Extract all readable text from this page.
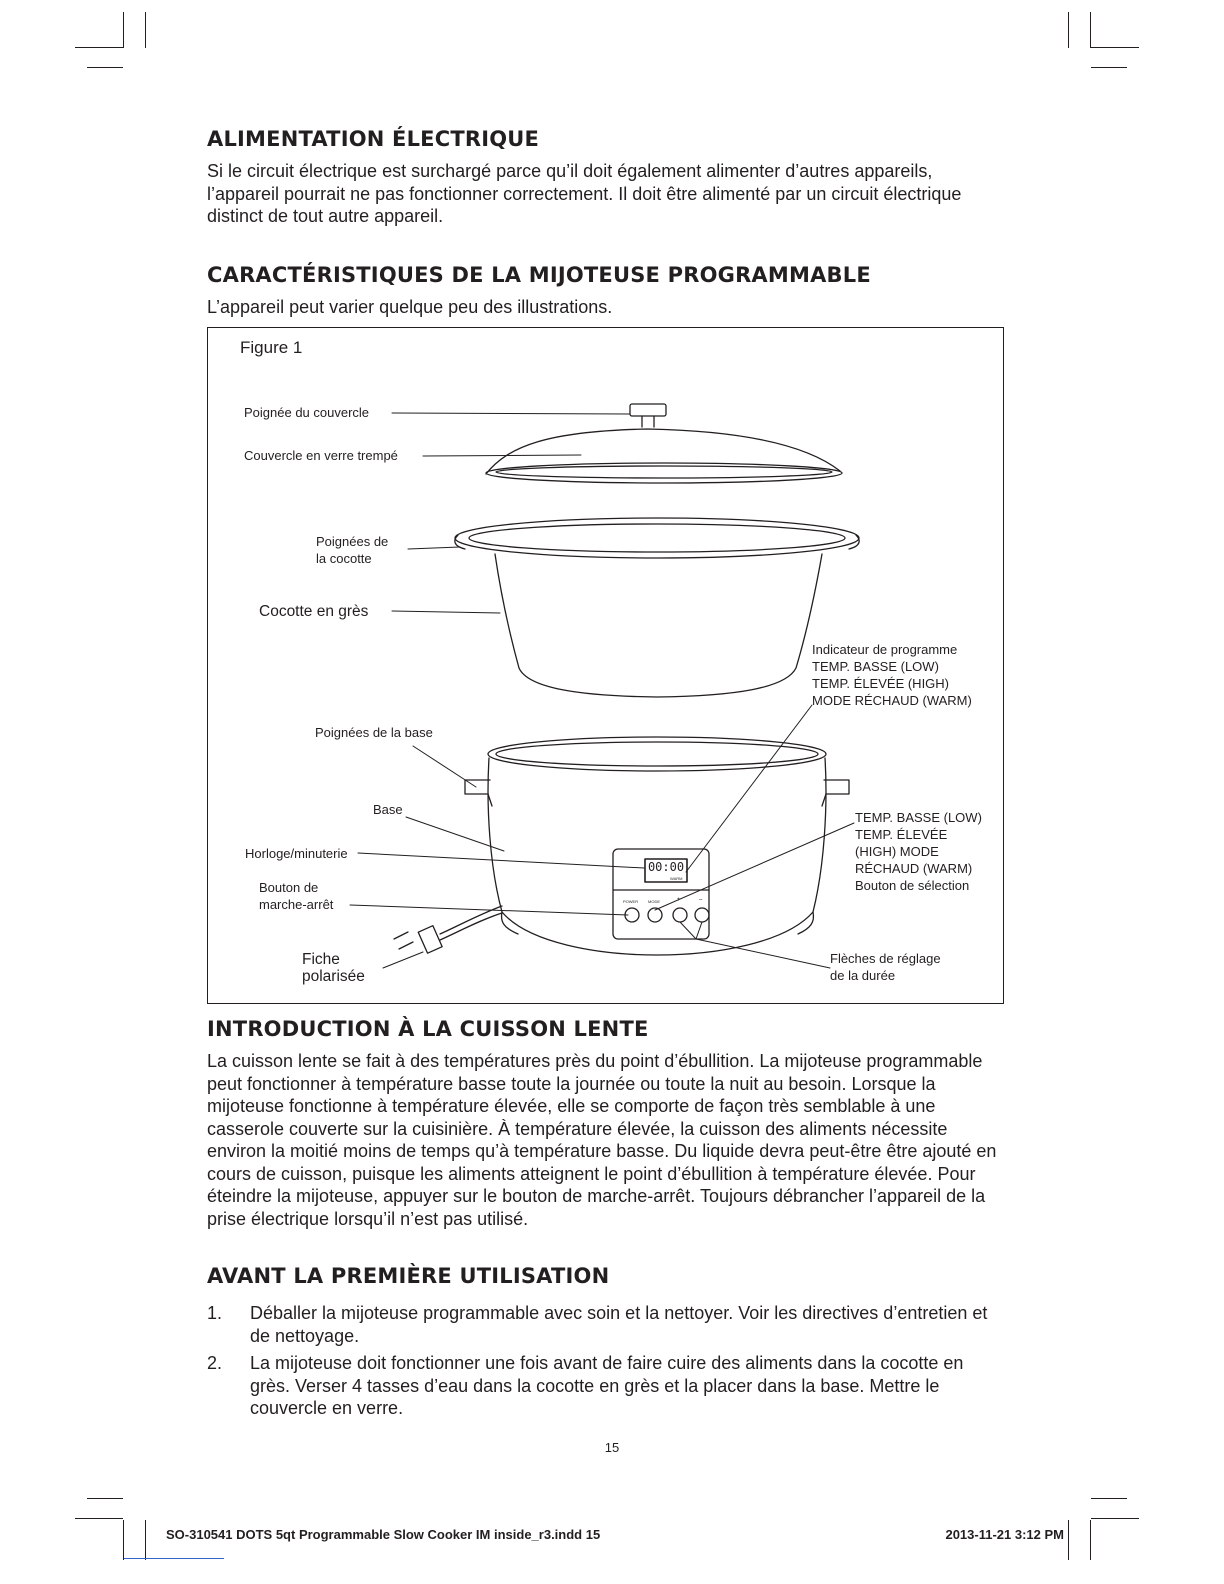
ALIMENTATION ÉLECTRIQUE

Si le circuit électrique est surchargé parce qu’il doit également alimenter d’autres appareils, l’appareil pourrait ne pas fonctionner correctement. Il doit être alimenté par un circuit électrique distinct de tout autre appareil.

CARACTÉRISTIQUES DE LA MIJOTEUSE PROGRAMMABLE

L’appareil peut varier quelque peu des illustrations.

Figure 1
00:00
WARM
POWER MODE	+	–
Poignée du couvercle
Couvercle en verre trempé
Poignées de
la cocotte
Cocotte en grès
Indicateur de programme
TEMP. BASSE (LOW)
TEMP. ÉLEVÉE (HIGH)
MODE RÉCHAUD (WARM)
Poignées de la base
Base
Horloge/minuterie
Bouton de
marche-arrêt
Fiche
polarisée
TEMP. BASSE (LOW)
TEMP. ÉLEVÉE
(HIGH) MODE
RÉCHAUD (WARM)
Bouton de sélection
Flèches de réglage
de la durée
INTRODUCTION À LA CUISSON LENTE

La cuisson lente se fait à des températures près du point d’ébullition. La mijoteuse programmable peut fonctionner à température basse toute la journée ou toute la nuit au besoin. Lorsque la mijoteuse fonctionne à température élevée, elle se comporte de façon très semblable à une casserole couverte sur la cuisinière. À température élevée, la cuisson des aliments nécessite environ la moitié moins de temps qu’à température basse. Du liquide devra peut-être être ajouté en cours de cuisson, puisque les aliments atteignent le point d’ébullition à température élevée. Pour éteindre la mijoteuse, appuyer sur le bouton de marche-arrêt. Toujours débrancher l’appareil de la prise électrique lorsqu’il n’est pas utilisé.

AVANT LA PREMIÈRE UTILISATION
1. Déballer la mijoteuse programmable avec soin et la nettoyer. Voir les directives d’entretien et de nettoyage.
2. La mijoteuse doit fonctionner une fois avant de faire cuire des aliments dans la cocotte en grès. Verser 4 tasses d’eau dans la cocotte en grès et la placer dans la base. Mettre le couvercle en verre.
15
SO-310541 DOTS 5qt Programmable Slow Cooker IM inside_r3.indd 15	2013-11-21 3:12 PM
